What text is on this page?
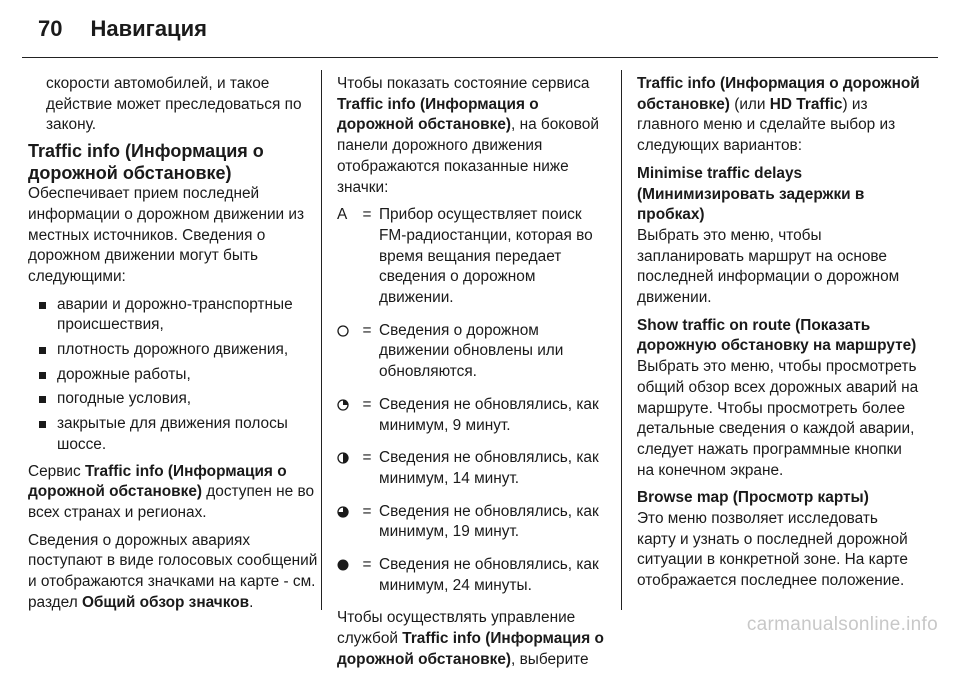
70 Навигация

скорости автомобилей, и такое действие может преследоваться по закону.

Traffic info (Информация о дорожной обстановке)

Обеспечивает прием последней информации о дорожном движении из местных источников. Сведения о дорожном движении могут быть следующими:

аварии и дорожно-транспортные происшествия,
плотность дорожного движения,
дорожные работы,
погодные условия,
закрытые для движения полосы шоссе.

Сервис Traffic info (Информация о дорожной обстановке) доступен не во всех странах и регионах.

Сведения о дорожных авариях поступают в виде голосовых сообщений и отображаются значками на карте - см. раздел Общий обзор значков.

Чтобы показать состояние сервиса Traffic info (Информация о дорожной обстановке), на боковой панели дорожного движения отображаются показанные ниже значки:

A = Прибор осуществляет поиск FM-радиостанции, которая во время вещания передает сведения о дорожном движении.
= Сведения о дорожном движении обновлены или обновляются.
= Сведения не обновлялись, как минимум, 9 минут.
= Сведения не обновлялись, как минимум, 14 минут.
= Сведения не обновлялись, как минимум, 19 минут.
= Сведения не обновлялись, как минимум, 24 минуты.

Чтобы осуществлять управление службой Traffic info (Информация о дорожной обстановке), выберите

Traffic info (Информация о дорожной обстановке) (или HD Traffic) из главного меню и сделайте выбор из следующих вариантов:

Minimise traffic delays (Минимизировать задержки в пробках)

Выбрать это меню, чтобы запланировать маршрут на основе последней информации о дорожном движении.

Show traffic on route (Показать дорожную обстановку на маршруте)

Выбрать это меню, чтобы просмотреть общий обзор всех дорожных аварий на маршруте. Чтобы просмотреть более детальные сведения о каждой аварии, следует нажать программные кнопки на конечном экране.

Browse map (Просмотр карты)

Это меню позволяет исследовать карту и узнать о последней дорожной ситуации в конкретной зоне. На карте отображается последнее положение.

carmanualsonline.info
